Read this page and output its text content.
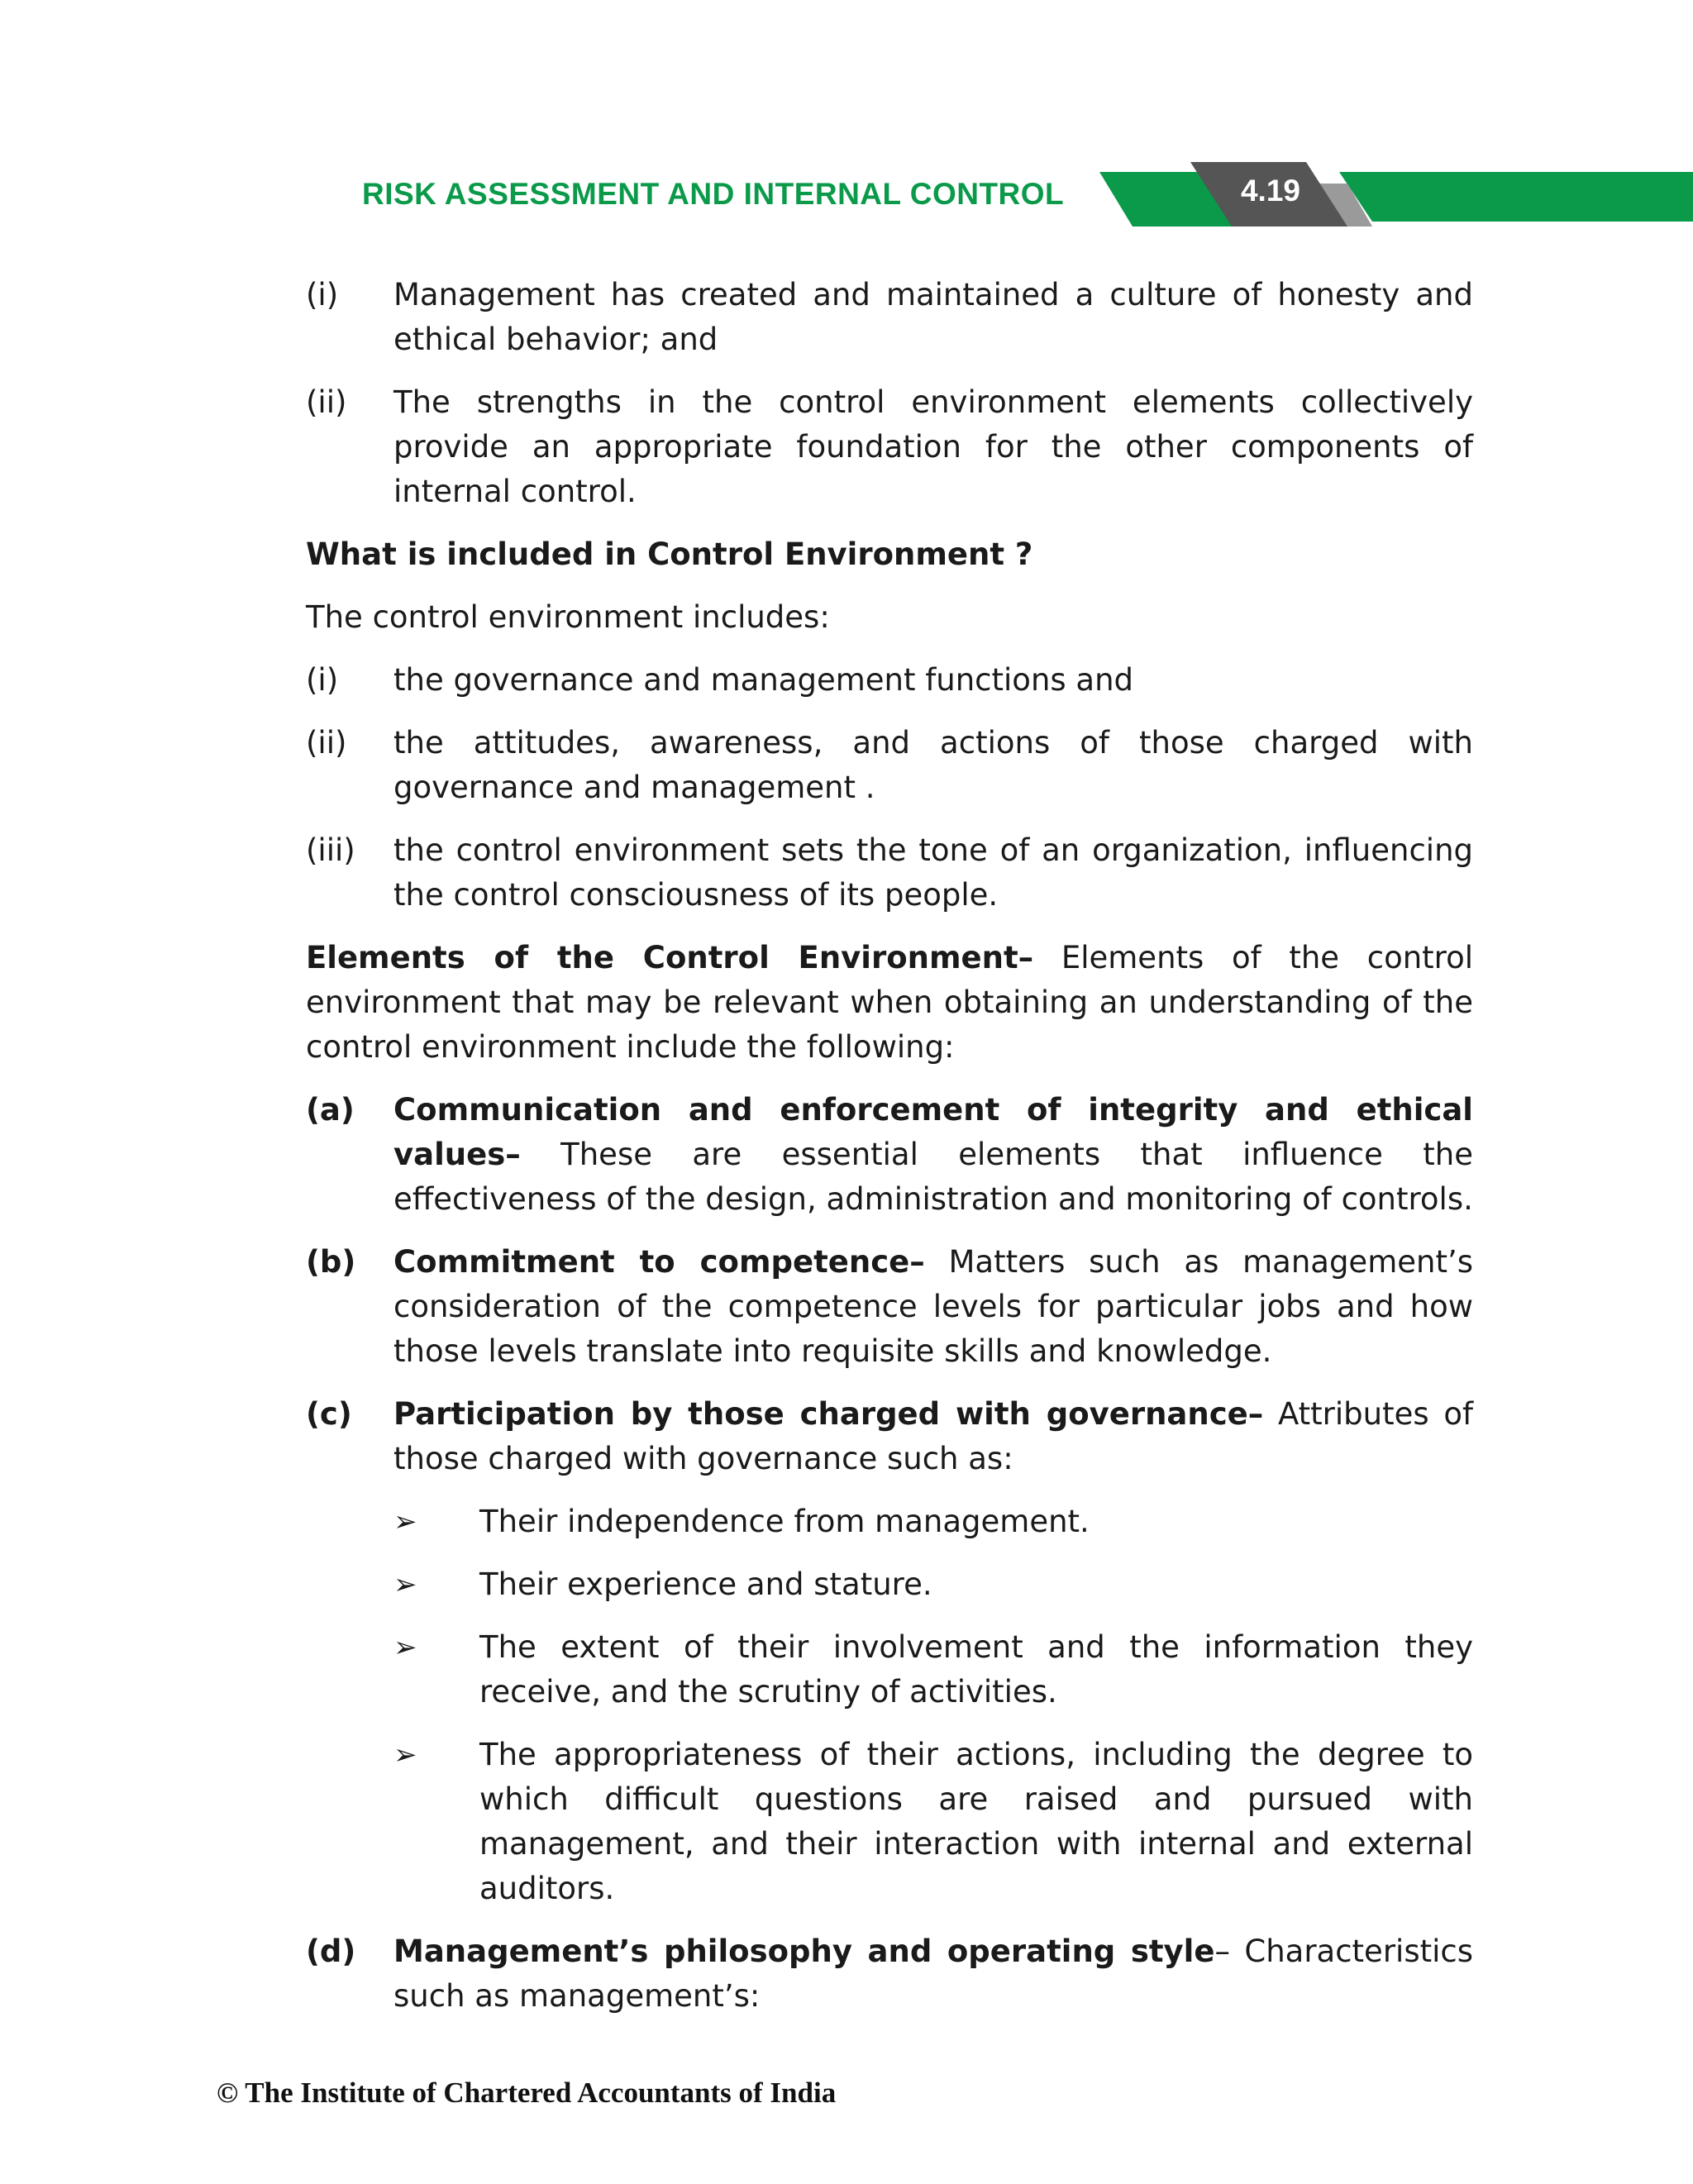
RISK ASSESSMENT AND INTERNAL CONTROL	4.19
(i) Management has created and maintained a culture of honesty and ethical behavior; and

(ii) The strengths in the control environment elements collectively provide an appropriate foundation for the other components of internal control.

What is included in Control Environment ?

The control environment includes:

(i) the governance and management functions and

(ii) the attitudes, awareness, and actions of those charged with governance and management .

(iii) the control environment sets the tone of an organization, influencing the control consciousness of its people.

Elements of the Control Environment– Elements of the control environment that may be relevant when obtaining an understanding of the control environment include the following:

(a) Communication and enforcement of integrity and ethical values– These are essential elements that influence the effectiveness of the design, administration and monitoring of controls.

(b) Commitment to competence– Matters such as management’s consideration of the competence levels for particular jobs and how those levels translate into requisite skills and knowledge.

(c) Participation by those charged with governance– Attributes of those charged with governance such as:

➢ Their independence from management.

➢ Their experience and stature.

➢ The extent of their involvement and the information they receive, and the scrutiny of activities.

➢ The appropriateness of their actions, including the degree to which difficult questions are raised and pursued with management, and their interaction with internal and external auditors.

(d) Management’s philosophy and operating style– Characteristics such as management’s:

© The Institute of Chartered Accountants of India
